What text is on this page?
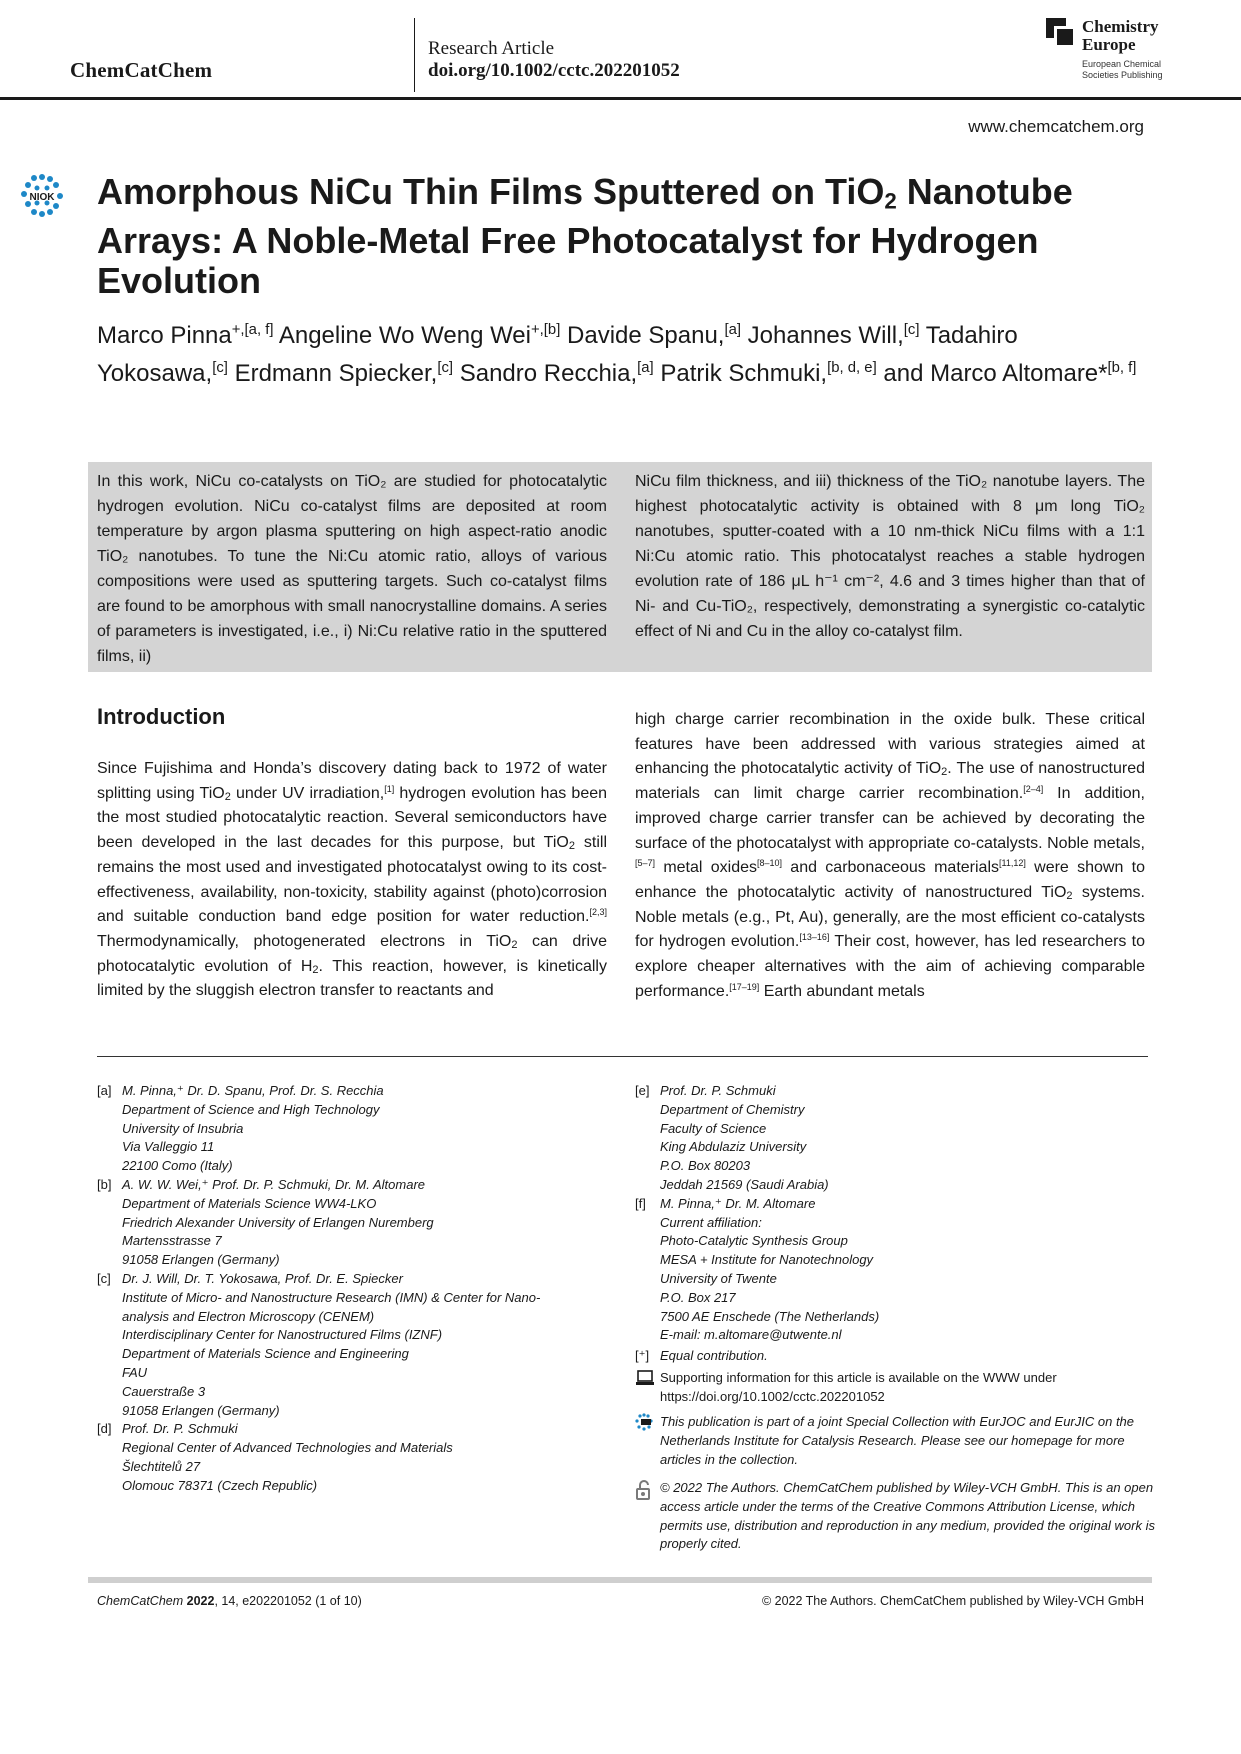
ChemCatChem
Research Article
doi.org/10.1002/cctc.202201052
Chemistry
Europe
European Chemical
Societies Publishing
www.chemcatchem.org
NIOK Amorphous NiCu Thin Films Sputtered on TiO$_2$ Nanotube Arrays: A Noble-Metal Free Photocatalyst for Hydrogen Evolution
Marco Pinna$^{+,[a, f]}$ Angeline Wo Weng Wei$^{+,[b]}$ Davide Spanu,[a] Johannes Will,[c] Tadahiro Yokosawa,[c] Erdmann Spiecker,[c] Sandro Recchia,[a] Patrik Schmuki,[b, d, e] and Marco Altomare*[b, f]
In this work, NiCu co-catalysts on TiO₂ are studied for photocatalytic hydrogen evolution. NiCu co-catalyst films are deposited at room temperature by argon plasma sputtering on high aspect-ratio anodic TiO₂ nanotubes. To tune the Ni:Cu atomic ratio, alloys of various compositions were used as sputtering targets. Such co-catalyst films are found to be amorphous with small nanocrystalline domains. A series of parameters is investigated, i.e., i) Ni:Cu relative ratio in the sputtered films, ii)
NiCu film thickness, and iii) thickness of the TiO₂ nanotube layers. The highest photocatalytic activity is obtained with 8 μm long TiO₂ nanotubes, sputter-coated with a 10 nm-thick NiCu films with a 1:1 Ni:Cu atomic ratio. This photocatalyst reaches a stable hydrogen evolution rate of 186 μL h⁻¹ cm⁻², 4.6 and 3 times higher than that of Ni- and Cu-TiO₂, respectively, demonstrating a synergistic co-catalytic effect of Ni and Cu in the alloy co-catalyst film.
Introduction
Since Fujishima and Honda’s discovery dating back to 1972 of water splitting using TiO$_2$ under UV irradiation,[1] hydrogen evolution has been the most studied photocatalytic reaction. Several semiconductors have been developed in the last decades for this purpose, but TiO$_2$ still remains the most used and investigated photocatalyst owing to its cost-effectiveness, availability, non-toxicity, stability against (photo)corrosion and suitable conduction band edge position for water reduction.[2,3] Thermodynamically, photogenerated electrons in TiO$_2$ can drive photocatalytic evolution of $H_2$. This reaction, however, is kinetically limited by the sluggish electron transfer to reactants and
high charge carrier recombination in the oxide bulk. These critical features have been addressed with various strategies aimed at enhancing the photocatalytic activity of TiO$_2$. The use of nanostructured materials can limit charge carrier recombination.[2–4] In addition, improved charge carrier transfer can be achieved by decorating the surface of the photocatalyst with appropriate co-catalysts. Noble metals,[5–7] metal oxides[8–10] and carbonaceous materials[11,12] were shown to enhance the photocatalytic activity of nanostructured TiO$_2$ systems. Noble metals (e.g., Pt, Au), generally, are the most efficient co-catalysts for hydrogen evolution.[13–16] Their cost, however, has led researchers to explore cheaper alternatives with the aim of achieving comparable performance.[17–19] Earth abundant metals
[a] M. Pinna,⁺ Dr. D. Spanu, Prof. Dr. S. Recchia
Department of Science and High Technology
University of Insubria
Via Valleggio 11
22100 Como (Italy)
[b] A. W. W. Wei,⁺ Prof. Dr. P. Schmuki, Dr. M. Altomare
Department of Materials Science WW4-LKO
Friedrich Alexander University of Erlangen Nuremberg
Martensstrasse 7
91058 Erlangen (Germany)
[c] Dr. J. Will, Dr. T. Yokosawa, Prof. Dr. E. Spiecker
Institute of Micro- and Nanostructure Research (IMN) & Center for Nano-
analysis and Electron Microscopy (CENEM)
Interdisciplinary Center for Nanostructured Films (IZNF)
Department of Materials Science and Engineering
FAU
Cauerstraße 3
91058 Erlangen (Germany)
[d] Prof. Dr. P. Schmuki
Regional Center of Advanced Technologies and Materials
Šlechtitelů 27
Olomouc 78371 (Czech Republic)
[e] Prof. Dr. P. Schmuki
Department of Chemistry
Faculty of Science
King Abdulaziz University
P.O. Box 80203
Jeddah 21569 (Saudi Arabia)
[f] M. Pinna,⁺ Dr. M. Altomare
Current affiliation:
Photo-Catalytic Synthesis Group
MESA + Institute for Nanotechnology
University of Twente
P.O. Box 217
7500 AE Enschede (The Netherlands)
E-mail: m.altomare@utwente.nl
[⁺] Equal contribution.
Supporting information for this article is available on the WWW under
https://doi.org/10.1002/cctc.202201052
This publication is part of a joint Special Collection with EurJOC and EurJIC on the Netherlands Institute for Catalysis Research. Please see our homepage for more articles in the collection.
© 2022 The Authors. ChemCatChem published by Wiley-VCH GmbH. This is an open access article under the terms of the Creative Commons Attribution License, which permits use, distribution and reproduction in any medium, provided the original work is properly cited.
ChemCatChem 2022, 14, e202201052 (1 of 10)	© 2022 The Authors. ChemCatChem published by Wiley-VCH GmbH
